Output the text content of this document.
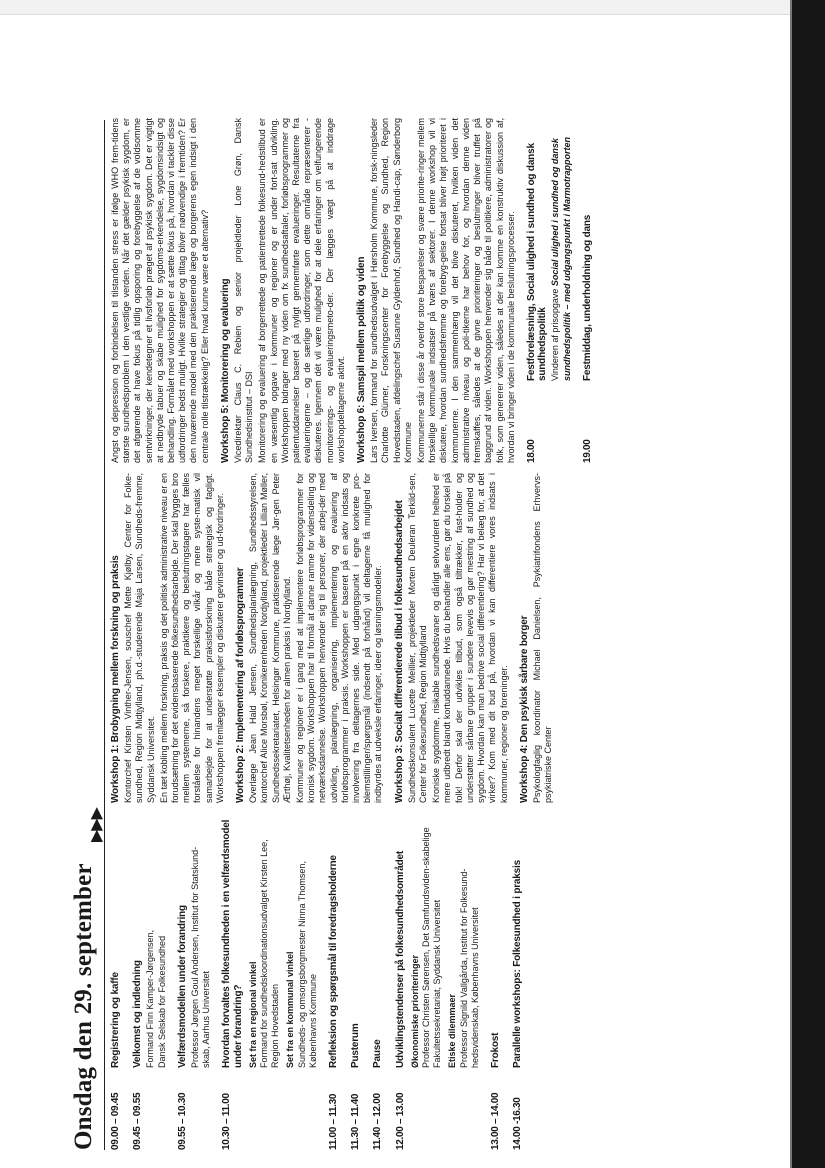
Onsdag den 29. september
▶▶▶
09.00 – 09.45
Registrering og kaffe
09.45 – 09.55
Velkomst og indledning Formand Finn Kamper-Jørgensen, Dansk Selskab for Folkesundhed
09.55 – 10.30
Velfærdsmodellen under forandring Professor Jørgen Goul Andersen, Institut for Statskund- skab, Aarhus Universitet
10.30 – 11.00
Hvordan forvaltes folkesundheden i en velfærdsmodel under forandring? Set fra en regional vinkel Formand for sundhedskoordinationsudvalget Kirsten Lee, Region Hovedstaden Set fra en kommunal vinkel Sundheds- og omsorgsborgmester Ninna Thomsen, Københavns Kommune
11.00 – 11.30
Refleksion og spørgsmål til foredragsholderne
11.30 – 11.40
Pusterum
11.40 – 12.00
Pause
12.00 – 13.00
Udviklingstendenser på folkesundhedsområdet Økonomiske prioriteringer Professor Christen Sørensen, Det Samfundsviden-skabelige Fakultetssekretariat, Syddansk Universitet Etiske dilemmaer Professor Signild Vallgårda, Institut for Folkesund-hedsvidenskab, Københavns Universitet
13.00 – 14.00
Frokost
14.00 -16.30
Parallelle workshops: Folkesundhed i praksis
Workshop 1: Brobygning mellem forskning og praksis Kontorchef Kirsten Vinther-Jensen, souschef Mette Kjølby, Center for Folke-sundhed, Region Midtjylland, ph.d.-studerende Maja Larsen, Sundheds-fremme, Syddansk Universitet. En tæt kobling mellem forskning, praksis og det politisk administrative niveau er en forudsætning for det evidensbaserede folkesundhedsarbejde. Der skal bygges bro mellem systemerne, så forskere, praktikere og beslutningstagere har fælles forståelse for hinandens meget forskellige vilkår og mere syste-matisk vil samarbejde for at understøtte praksisforskning både strategisk og fagligt. Workshoppen fremlægger eksempler og diskuterer gevinster og ud-fordringer. Workshop 2: Implementering af forløbsprogrammer Overlæge Jean Hald Jensen, Sundhedsplanlægning, Sundhedsstyrelsen, kontorchef Alice Morsbøl, Kronikerenheden Nordjylland, projektleder Lillian Møller, Sundhedssekretariatet, Helsingør Kommune, praktiserende læge Jør-gen Peter Ærthøj, Kvalitetsenheden for almen praksis i Nordjylland. Kommuner og regioner er i gang med at implementere forløbsprogrammer for kronisk sygdom. Workshoppen har til formål at danne ramme for vidensdeling og netværksdannelse. Workshoppen henvender sig til personer, der arbej-der med udvikling, planlægning, organisering, implementering og evaluering af forløbsprogrammer i praksis. Workshoppen er baseret på en aktiv indsats og involvering fra deltagernes side. Med udgangspunkt i egne konkrete pro-blemstillinger/spørgsmål (indsendt på forhånd) vil deltagerne få mulighed for indbyrdes at udveksle erfaringer, ideer og løsningsmodeller. Workshop 3: Socialt differentierede tilbud i folkesundhedsarbejdet Sundhedskonsulent Lucette Meillier, projektleder Morten Deuleran Terkild-sen, Center for Folkesundhed, Region Midtjylland Kroniske sygdomme, risikable sundhedsvaner og dårligt selvvurderet helbred er mere udbredt blandt kortuddannede. Hvis du behandler alle ens, gør du forskel på folk! Derfor skal der udvikles tilbud, som også tiltrækker, fast-holder og understøtter sårbare grupper i sundere levevis og gør mestring af sundhed og sygdom. Hvordan kan man bedrive social differentiering? Har vi belæg for, at det virker? Kom med dit bud på, hvordan vi kan differentiere vores indsats i kommuner, regioner og foreninger. Workshop 4: Den psykisk sårbare borger Psykologfaglig koordinator Michael Danielsen, Psykiatrifondens Erhvervs-psykiatriske Center
Angst og depression og forbindelsen til tilstanden stress er ifølge WHO frem-tidens største sundhedsproblem i den vestlige verden. Når det gælder psykisk sygdom, er det afgørende at have fokus på tidlig opsporing og forebyggelse af de voldsomme sentvirkninger, der kendetegner et livsforløb præget af psykisk sygdom. Det er vigtigt at nedbryde tabuer og skabe mulighed for sygdoms-erkendelse, sygdomsindsigt og behandling. Formålet med workshoppen er at sætte fokus på, hvordan vi tackler disse udfordringer bedst muligt. Hvilke strategier og tiltag bliver nødvendige i fremtiden? Er den nuværende model med den praktiserende læge og borgerens egen indsigt i den centrale rolle tilstrækkelig? Eller hvad kunne være et alternativ? Workshop 5: Monitorering og evaluering Vicedirektør Claus C. Rebien og senior projektleder Lone Grøn, Dansk Sundhedsinstitut – DSI Monitorering og evaluering af borgerrettede og patientrettede folkesund-hedstilbud er en væsentlig opgave i kommuner og regioner og er under fort-sat udvikling. Workshoppen bidrager med ny viden om fx sundhedsaftaler, forløbsprogrammer og patientuddannelser baseret på nyligt gennemførte evalueringer. Resultaterne fra evalueringerne – og de særlige udfordringer, som dette område repræsenterer - diskuteres. Igennem dét vil være mulighed for at dele erfaringer om velfungerende monitorerings- og evalueringsmeto-der. Der lægges vægt på at inddrage workshopdeltagerne aktivt. Workshop 6: Samspil mellem politik og viden Lars Iversen, formand for sundhedsudvalget i Hørsholm Kommune, forsk-ningsleder Charlotte Glümer, Forskningscenter for Forebyggelse og Sundhed, Region Hovedstaden, afdelingschef Susanne Gyldenhof, Sundhed og Handi-cap, Sønderborg Kommune Kommunerne står i disse år overfor store besparelser og svære priorite-ringer mellem forskellige kommunale indsatser på tværs af sektorer. I denne workshop vil vi diskutere, hvordan sundhedsfremme og forebyg-gelse fortsat bliver højt prioriteret i kommunerne. I den sammenhæng vil det blive diskuteret, hvilken viden det administrative niveau og poli-tikerne har behov for, og hvordan denne viden fremskaffes, således at de givne prioriteringer og beslutninger bliver truffet på baggrund af viden. Workshoppen henvender sig både til politikere, administratorer og folk, som genererer viden, således at der kan komme en konstruktiv diskussion af, hvordan vi bringer viden i de kommunale beslutningsprocesser. 18.00
Festforelæsning, Social ulighed i sundhed og dansk sundhedspolitik Vinderen af prisopgave Social ulighed i sundhed og dansk sundhedspolitik – med udgangspunkt i Marmotrapporten
19.00
Festmiddag, underholdning og dans
